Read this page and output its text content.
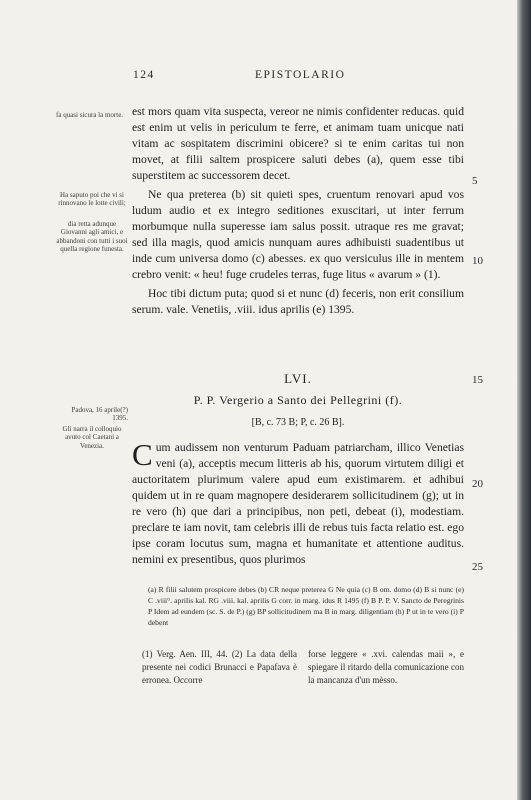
124	EPISTOLARIO
fa quasi sicura la morte.
Ha saputo poi che vi si rinnovano le lotte civili;
dia retta adunque Giovanni agli amici, e abbandoni con tutti i suoi quella regione funesta.
Padova, 16 aprile(?) 1395.
Gli narra il colloquio avuto col Caetani a Venezia.

est mors quam vita suspecta, vereor ne nimis confidenter reducas. quid est enim ut velis in periculum te ferre, et animam tuam unicque nati vitam ac sospitatem discrimini obicere? si te enim caritas tui non movet, at filii saltem prospicere saluti debes (a), quem esse tibi superstitem ac successorem decet.

Ne qua preterea (b) sit quieti spes, cruentum renovari apud vos ludum audio et ex integro seditiones exuscitari, ut inter ferrum morbumque nulla superesse iam salus possit. utraque res me gravat; sed illa magis, quod amicis nunquam aures adhibuisti suadentibus ut inde cum universa domo (c) abesses. ex quo versiculus ille in mentem crebro venit: « heu! fuge crudeles terras, fuge litus « avarum » (1).

Hoc tibi dictum puta; quod si et nunc (d) feceris, non erit consilium serum. vale. Venetiis, .viii. idus aprilis (e) 1395.

5
10
15
20
25
LVI.
P. P. Vergerio a Santo dei Pellegrini (f).
[B, c. 73 B; P, c. 26 B].
Cum audissem non venturum Paduam patriarcham, illico Venetias veni (a), acceptis mecum litteris ab his, quorum virtutem diligi et auctoritatem plurimum valere apud eum existimarem. et adhibui quidem ut in re quam magnopere desiderarem sollicitudinem (g); ut in re vero (h) que dari a principibus, non peti, debeat (i), modestiam. preclare te iam novit, tam celebris illi de rebus tuis facta relatio est. ego ipse coram locutus sum, magna et humanitate et attentione auditus. nemini ex presentibus, quos plurimos
(a) R filii salutem prospicere debes (b) CR neque preterea G Ne quia (c) B om. domo (d) B si nunc (e) C .viii°. aprilis kal. RG .viii. kal. aprilis G corr. in marg. idus R 1495 (f) B P. P. V. Sancto de Peregrinis P Idem ad eundem (sc. S. de P.) (g) BP sollicitudinem ma B in marg. diligentiam (h) P ut in te vero (i) P debent
(1) Verg. Aen. III, 44. (2) La data della presente nei codici Brunacci e Papafava è erronea. Occorre
forse leggere « .xvi. calendas maii », e spiegare il ritardo della comunicazione con la mancanza d'un mèsso.
